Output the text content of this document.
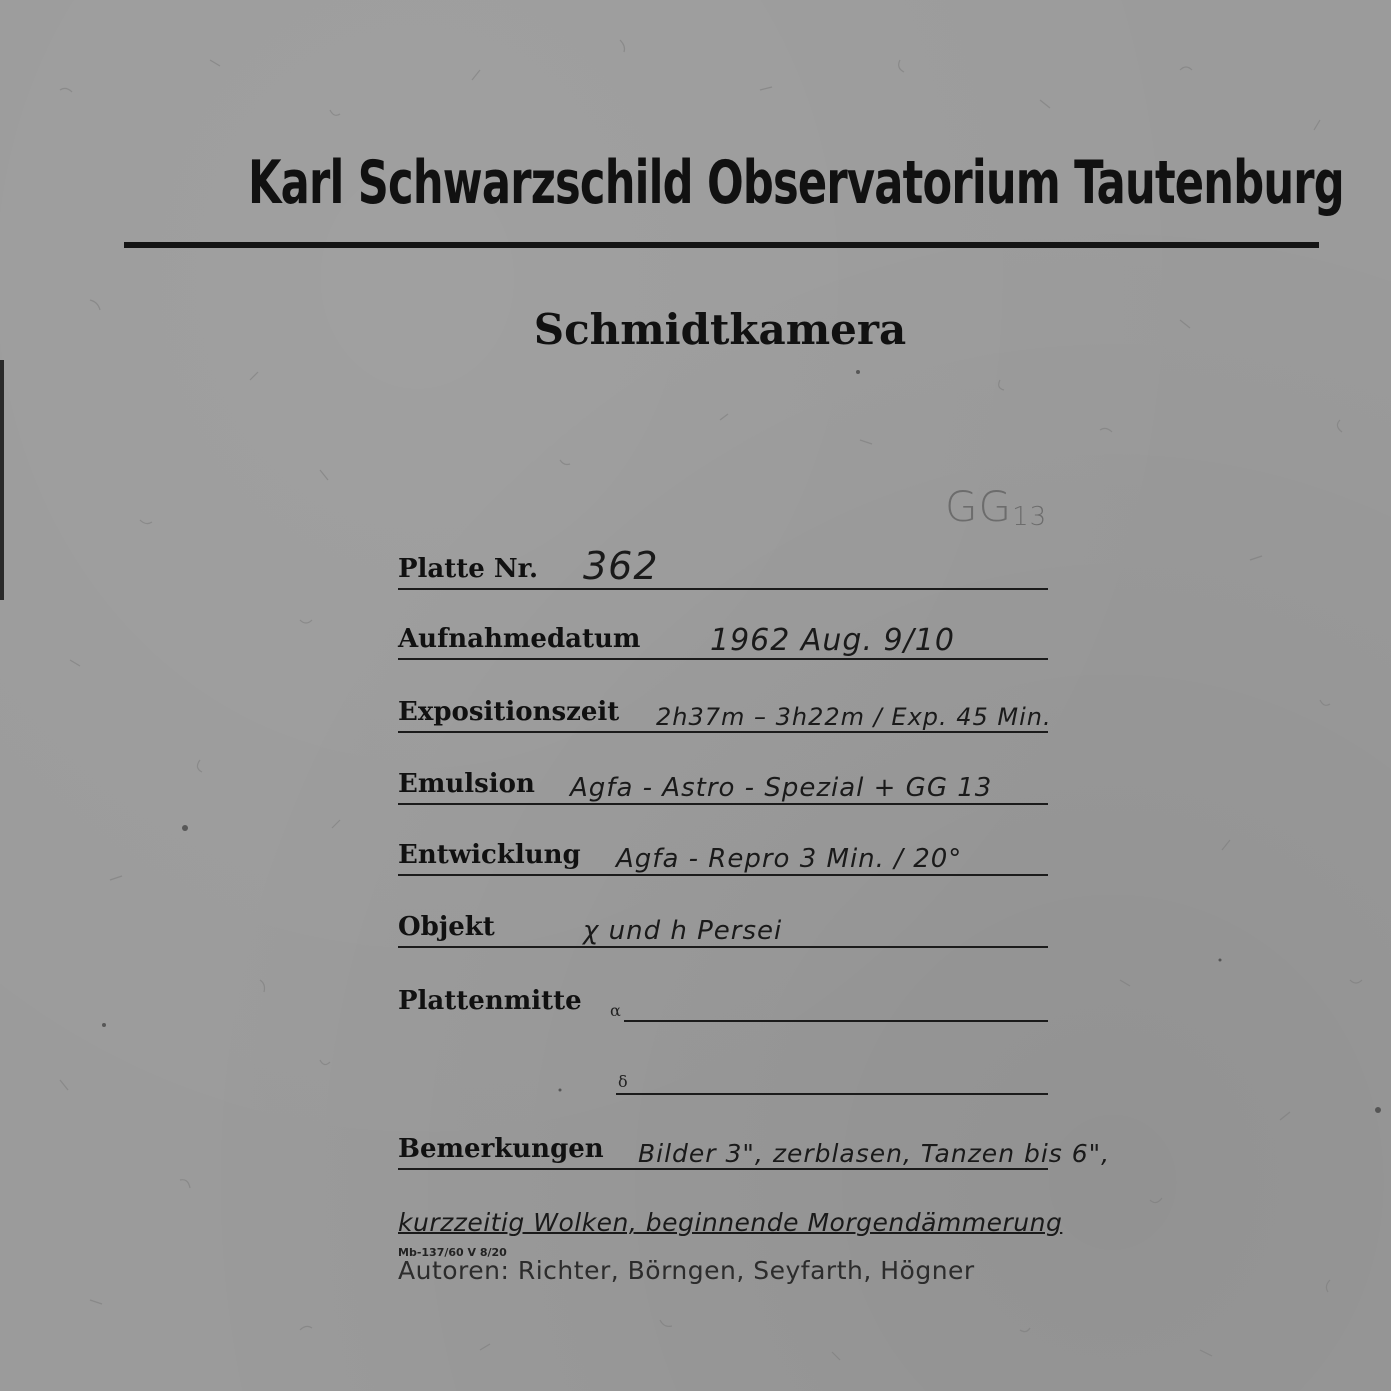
Karl Schwarzschild Observatorium Tautenburg
Schmidtkamera
$GG_{13}$
Platte Nr. 362
Aufnahmedatum 1962 Aug. 9/10
Expositionszeit 2h37m – 3h22m / Exp. 45 Min.
Emulsion Agfa - Astro - Spezial + GG 13
Entwicklung Agfa - Repro 3 Min. / 20°
Objekt	χ und h Persei
Plattenmitte α
δ
Bemerkungen Bilder 3", zerblasen, Tanzen bis 6",
kurzzeitig Wolken, beginnende Morgendämmerung
Mb-137/60 V 8/20
Autoren: Richter, Börngen, Seyfarth, Högner
